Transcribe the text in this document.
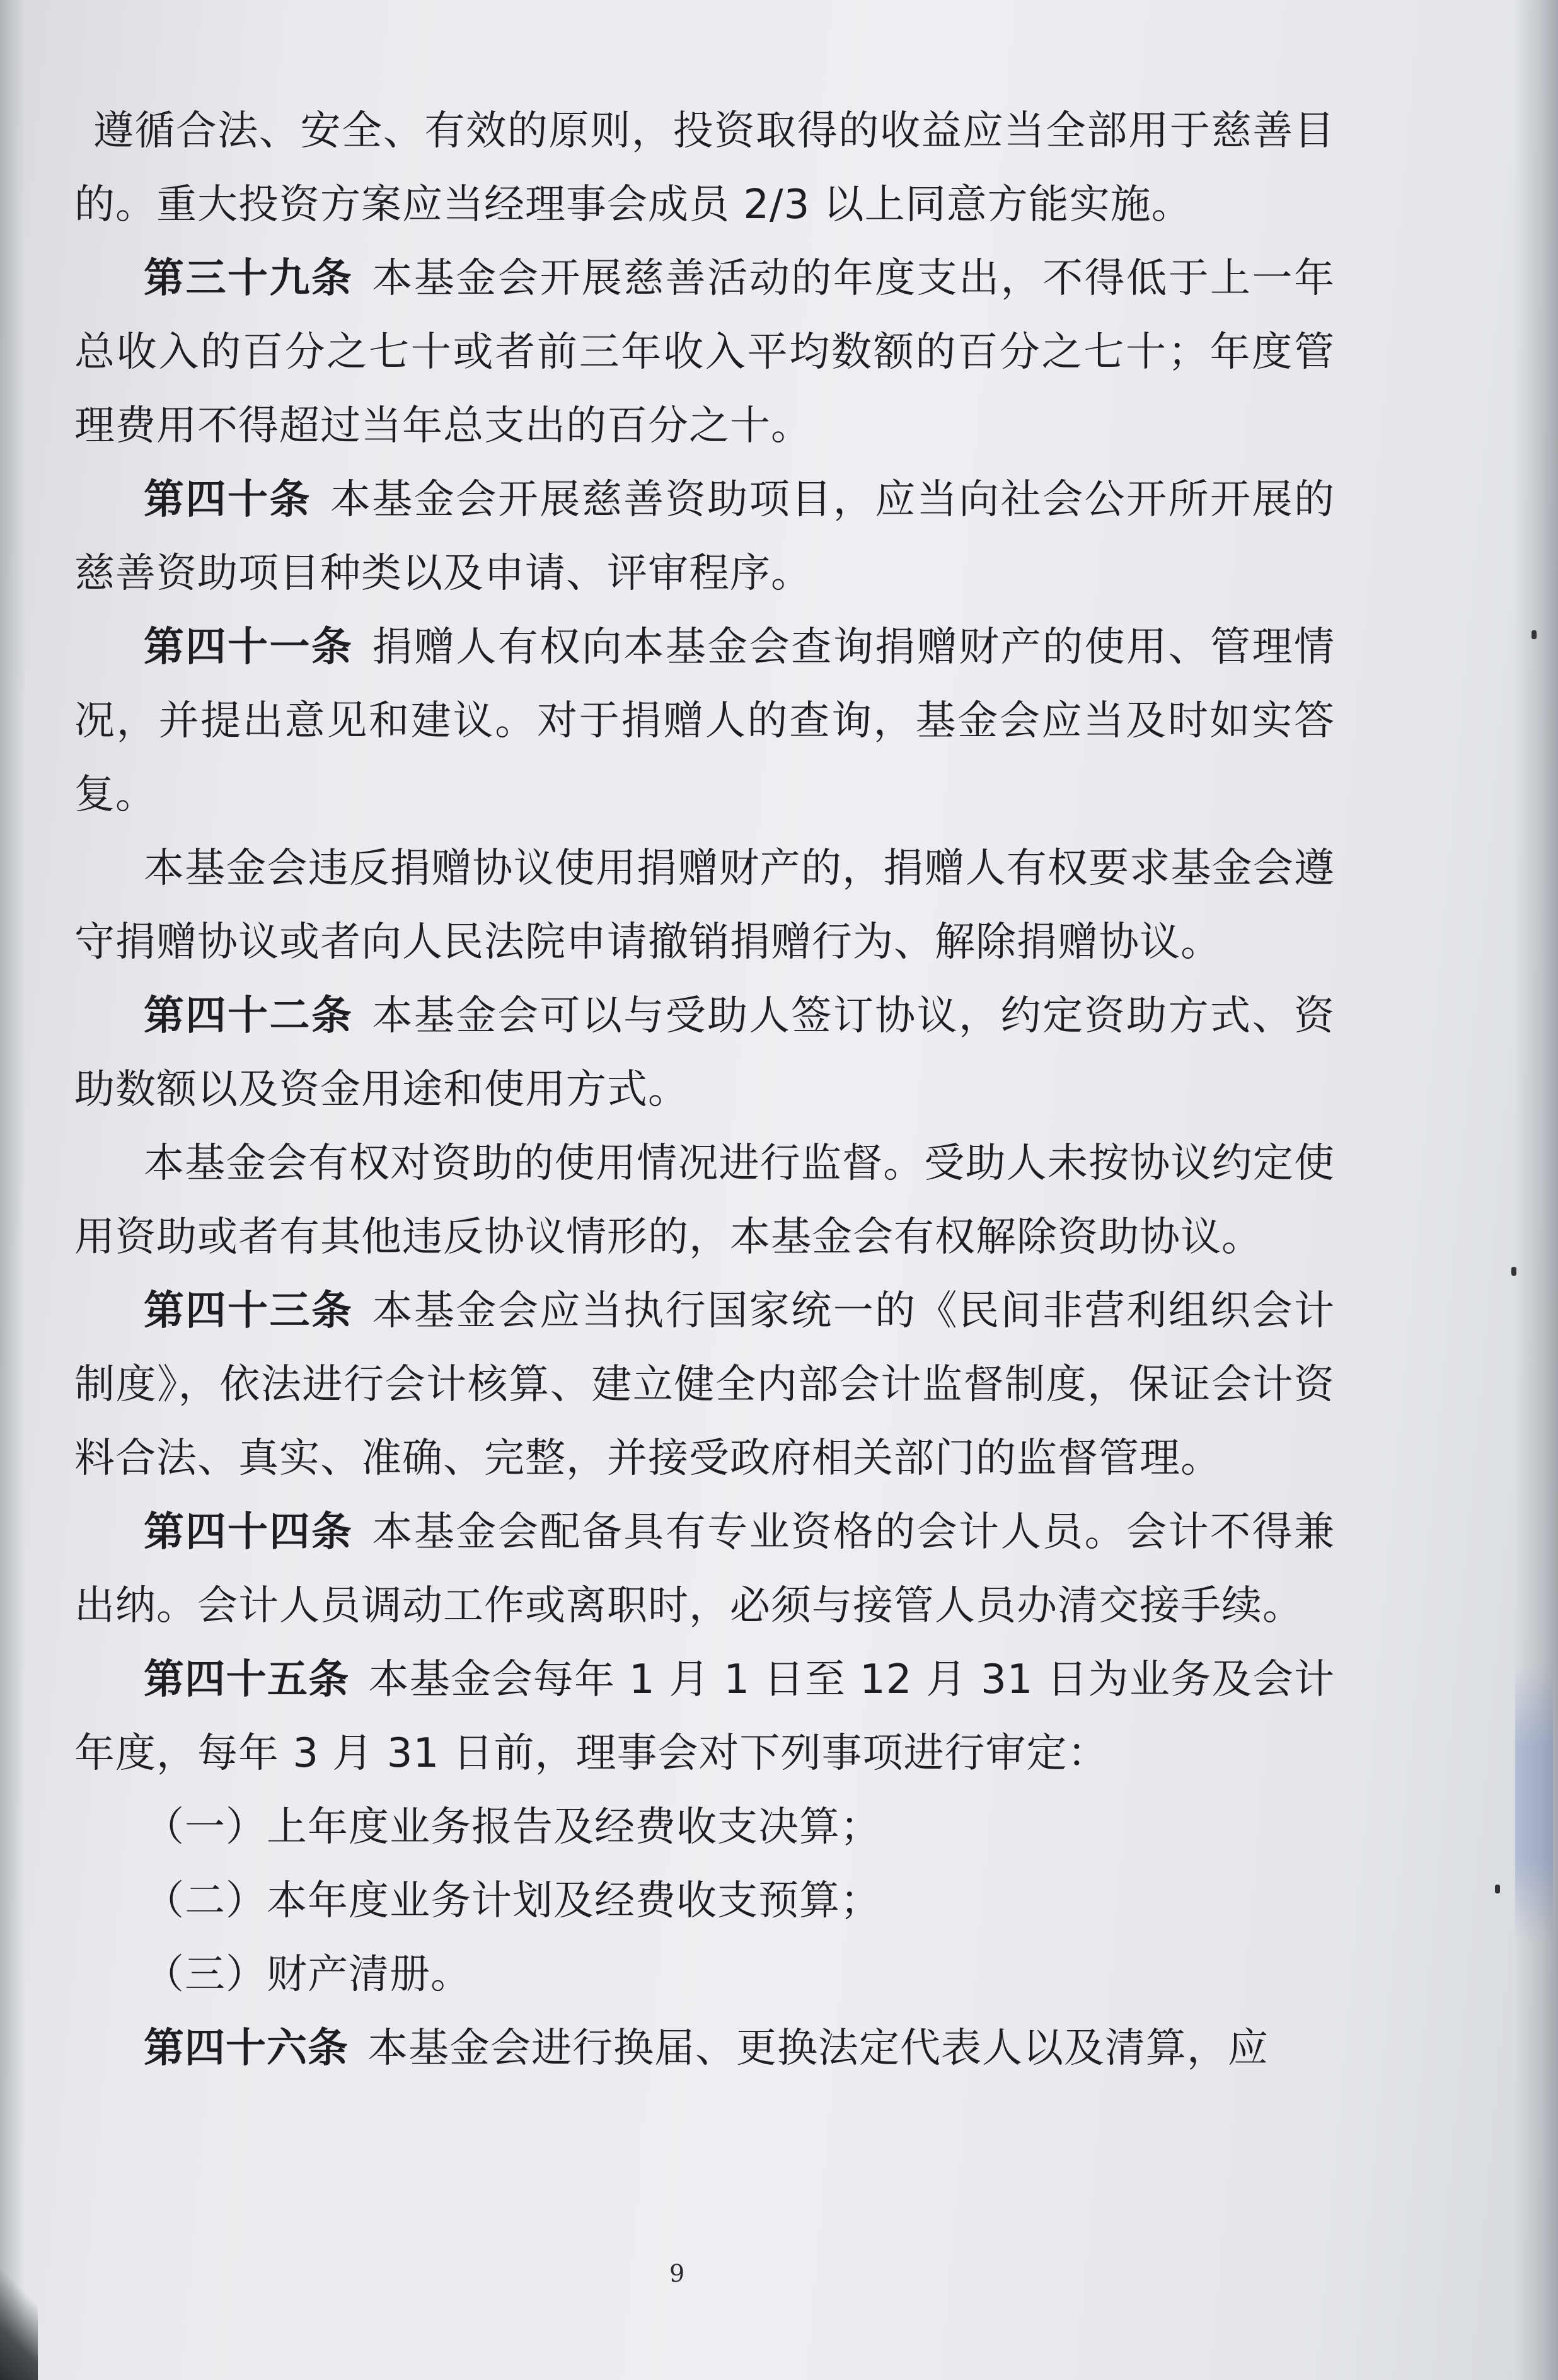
遵循合法、安全、有效的原则，投资取得的收益应当全部用于慈善目的。重大投资方案应当经理事会成员 2/3 以上同意方能实施。

第三十九条 本基金会开展慈善活动的年度支出，不得低于上一年总收入的百分之七十或者前三年收入平均数额的百分之七十；年度管理费用不得超过当年总支出的百分之十。

第四十条 本基金会开展慈善资助项目，应当向社会公开所开展的慈善资助项目种类以及申请、评审程序。

第四十一条 捐赠人有权向本基金会查询捐赠财产的使用、管理情况，并提出意见和建议。对于捐赠人的查询，基金会应当及时如实答复。

本基金会违反捐赠协议使用捐赠财产的，捐赠人有权要求基金会遵守捐赠协议或者向人民法院申请撤销捐赠行为、解除捐赠协议。

第四十二条 本基金会可以与受助人签订协议，约定资助方式、资助数额以及资金用途和使用方式。

本基金会有权对资助的使用情况进行监督。受助人未按协议约定使用资助或者有其他违反协议情形的，本基金会有权解除资助协议。

第四十三条 本基金会应当执行国家统一的《民间非营利组织会计制度》，依法进行会计核算、建立健全内部会计监督制度，保证会计资料合法、真实、准确、完整，并接受政府相关部门的监督管理。

第四十四条 本基金会配备具有专业资格的会计人员。会计不得兼出纳。会计人员调动工作或离职时，必须与接管人员办清交接手续。

第四十五条 本基金会每年 1 月 1 日至 12 月 31 日为业务及会计年度，每年 3 月 31 日前，理事会对下列事项进行审定：

（一）上年度业务报告及经费收支决算；

（二）本年度业务计划及经费收支预算；

（三）财产清册。

第四十六条 本基金会进行换届、更换法定代表人以及清算，应

9
